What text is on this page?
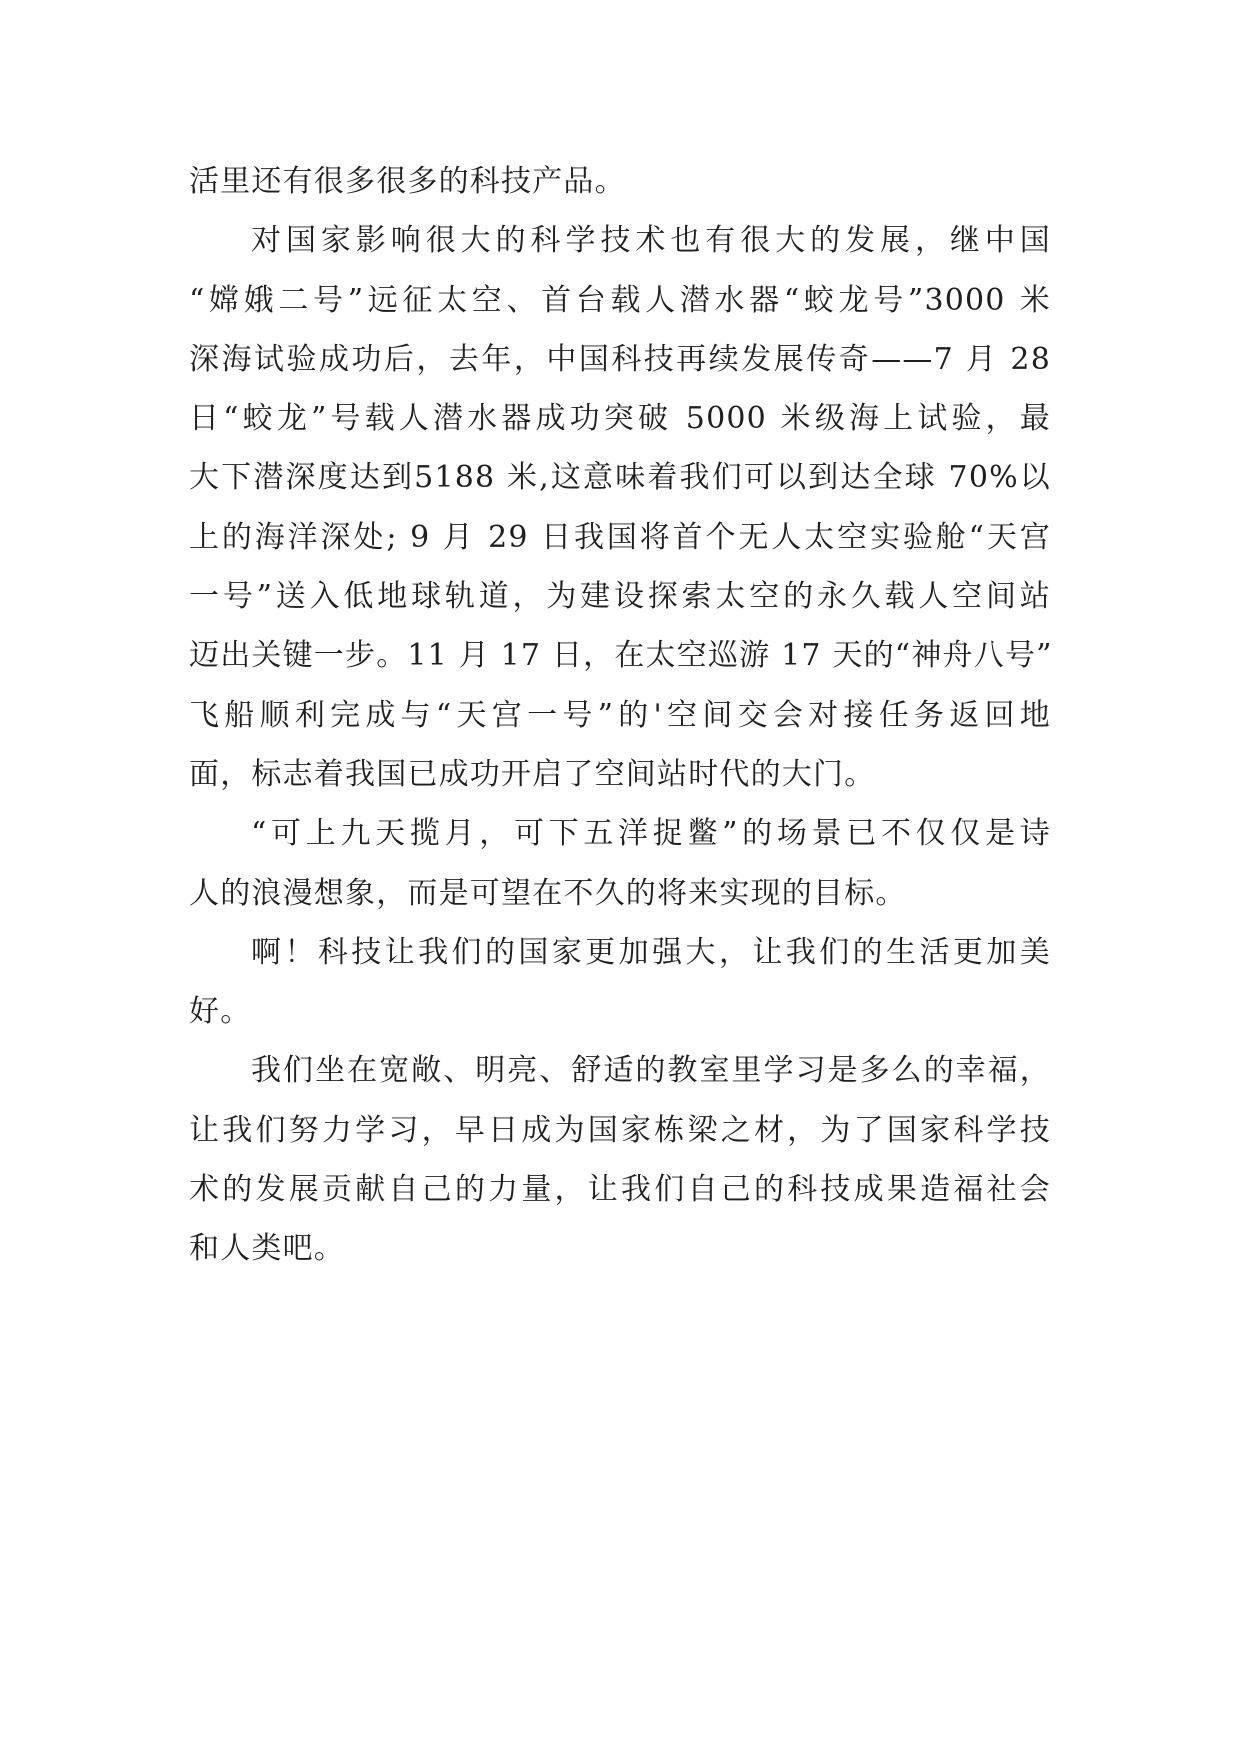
活里还有很多很多的科技产品。

对国家影响很大的科学技术也有很大的发展，继中国
“嫦娥二号”远征太空、首台载人潜水器“蛟龙号”3000 米
深海试验成功后，去年，中国科技再续发展传奇——7 月 28
日“蛟龙”号载人潜水器成功突破 5000 米级海上试验，最
大下潜深度达到5188 米,这意味着我们可以到达全球 70%以
上的海洋深处; 9 月 29 日我国将首个无人太空实验舱“天宫
一号”送入低地球轨道，为建设探索太空的永久载人空间站
迈出关键一步。11 月 17 日，在太空巡游 17 天的“神舟八号”
飞船顺利完成与“天宫一号”的'空间交会对接任务返回地
面，标志着我国已成功开启了空间站时代的大门。

“可上九天揽月，可下五洋捉鳖”的场景已不仅仅是诗
人的浪漫想象，而是可望在不久的将来实现的目标。

啊！科技让我们的国家更加强大，让我们的生活更加美
好。

我们坐在宽敞、明亮、舒适的教室里学习是多么的幸福，
让我们努力学习，早日成为国家栋梁之材，为了国家科学技
术的发展贡献自己的力量，让我们自己的科技成果造福社会
和人类吧。
